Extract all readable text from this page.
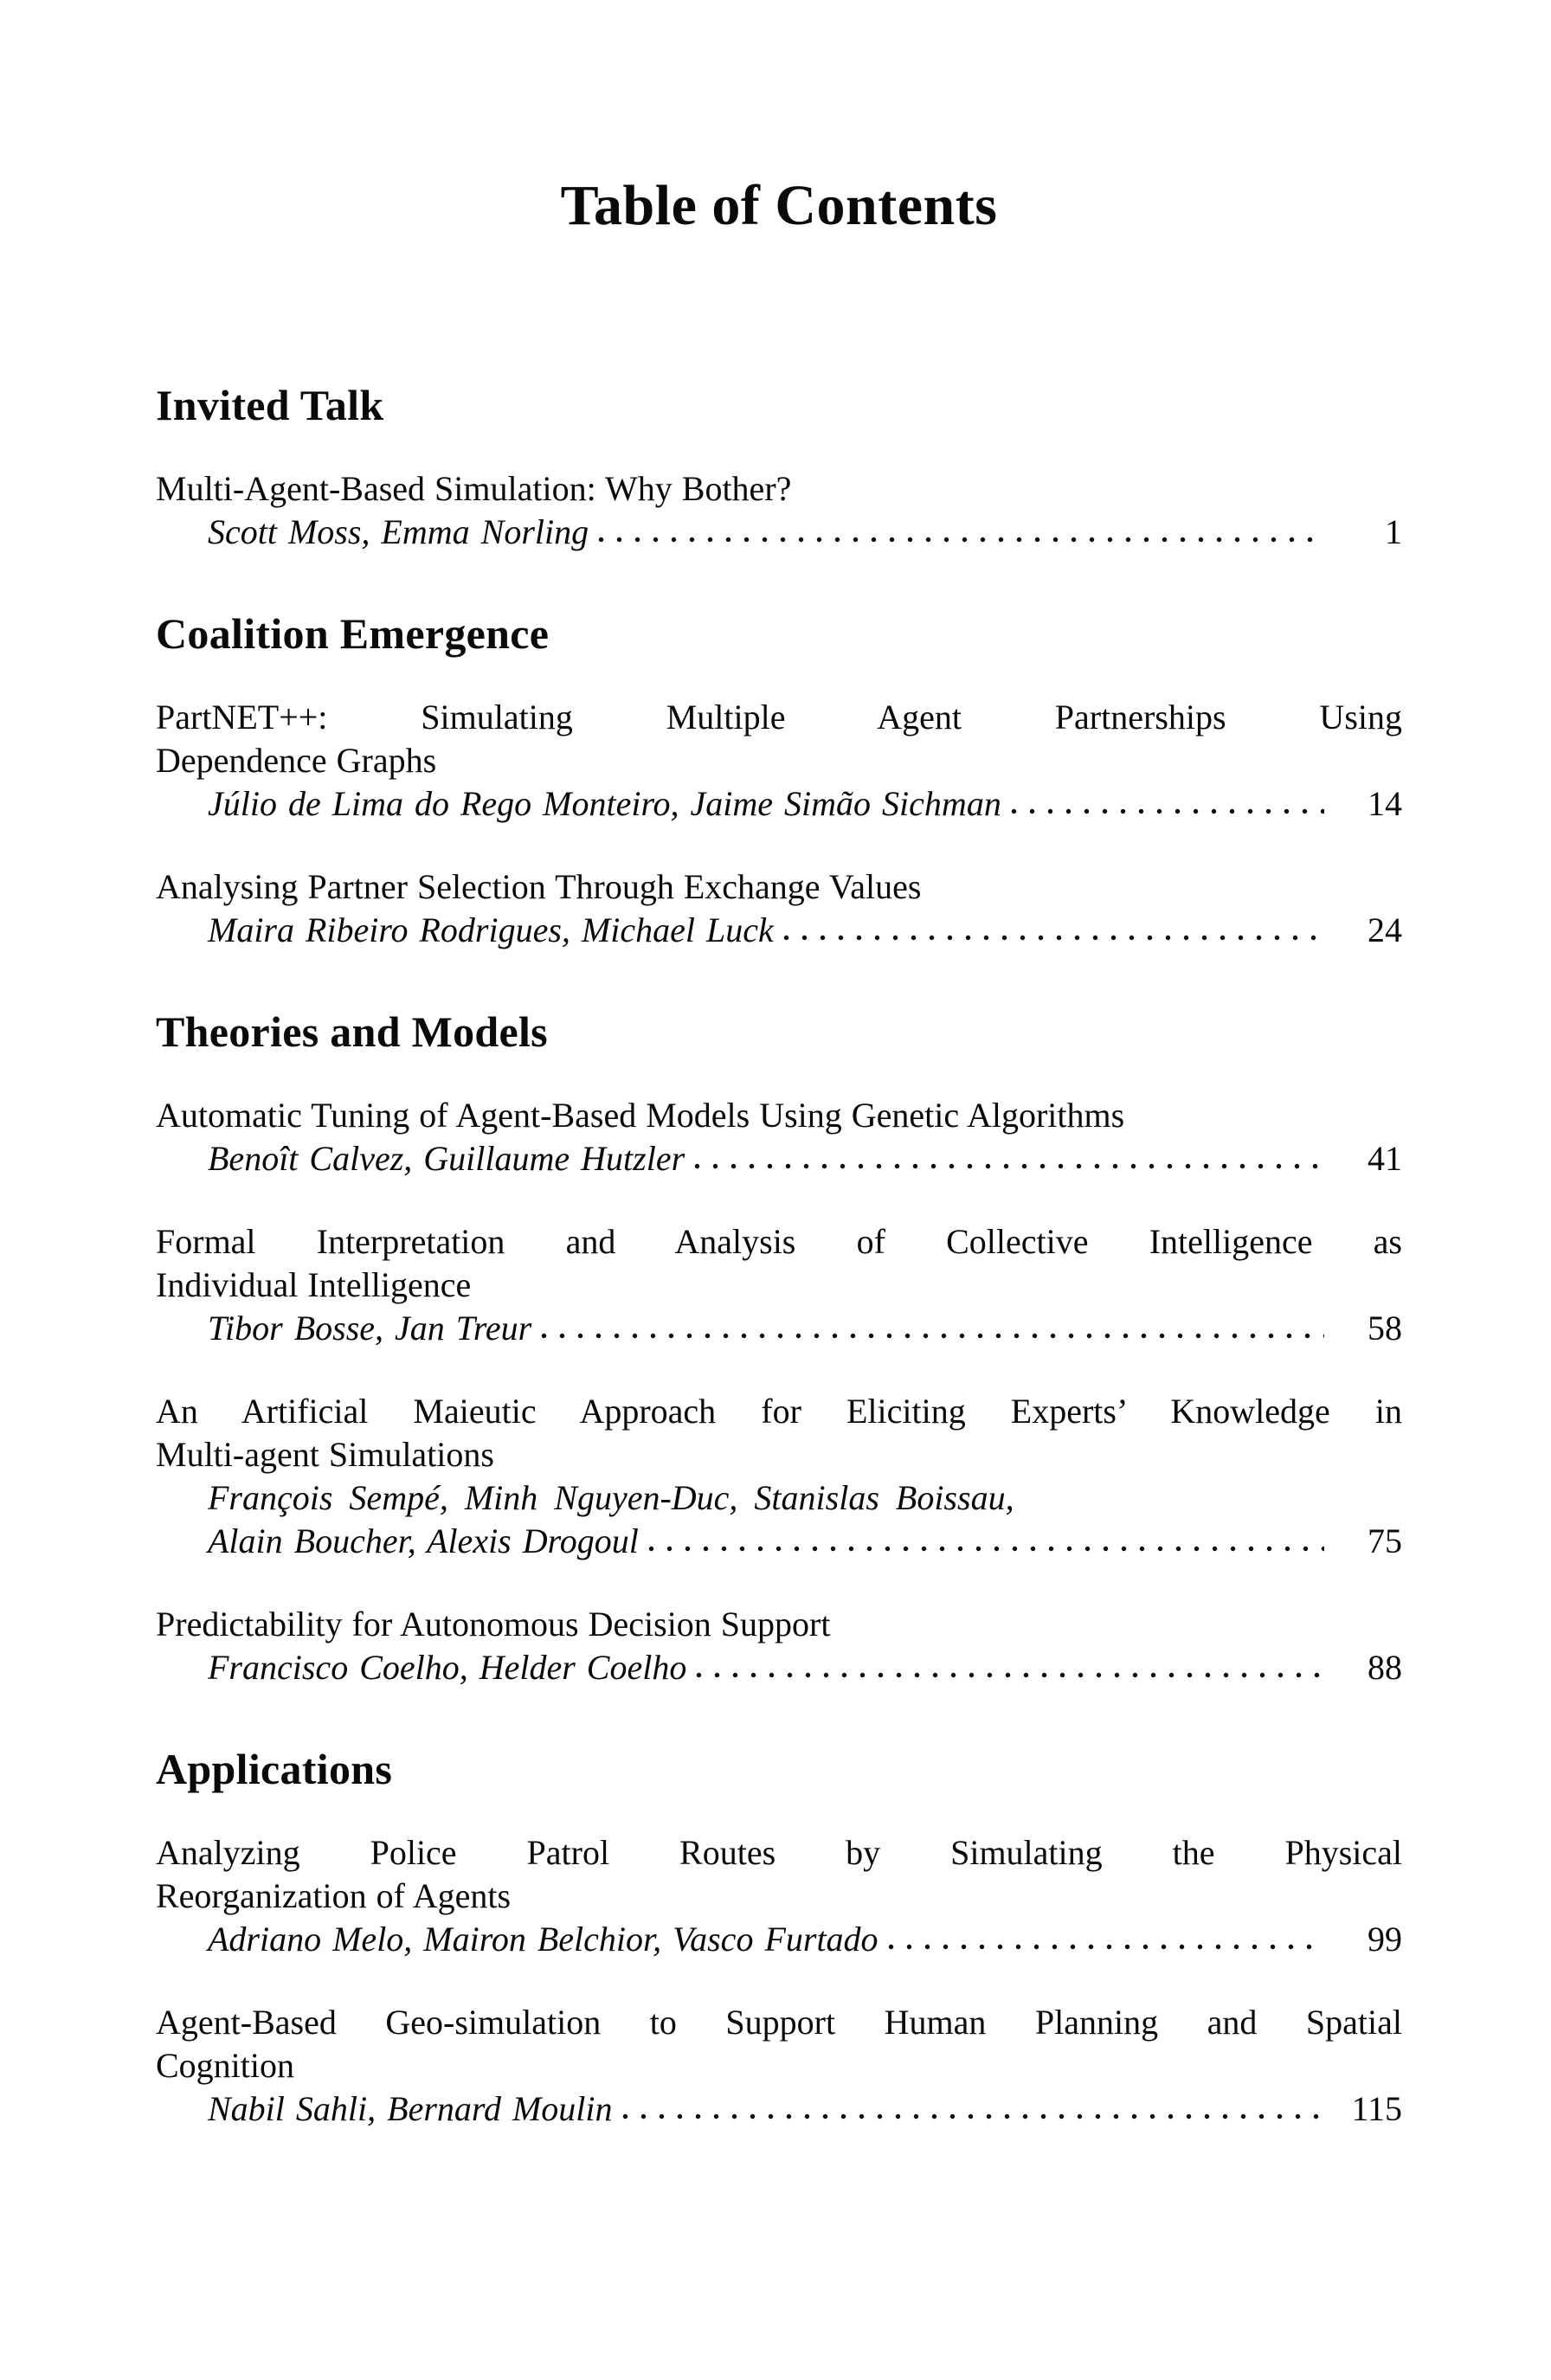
Table of Contents
Invited Talk
Multi-Agent-Based Simulation: Why Bother?
Scott Moss, Emma Norling	1
Coalition Emergence
PartNET++: Simulating Multiple Agent Partnerships Using
Dependence Graphs
Júlio de Lima do Rego Monteiro, Jaime Simão Sichman	14
Analysing Partner Selection Through Exchange Values
Maira Ribeiro Rodrigues, Michael Luck	24
Theories and Models
Automatic Tuning of Agent-Based Models Using Genetic Algorithms
Benoît Calvez, Guillaume Hutzler	41
Formal Interpretation and Analysis of Collective Intelligence as
Individual Intelligence
Tibor Bosse, Jan Treur	58
An Artificial Maieutic Approach for Eliciting Experts’ Knowledge in
Multi-agent Simulations
François Sempé, Minh Nguyen-Duc, Stanislas Boissau,
Alain Boucher, Alexis Drogoul	75
Predictability for Autonomous Decision Support
Francisco Coelho, Helder Coelho	88
Applications
Analyzing Police Patrol Routes by Simulating the Physical
Reorganization of Agents
Adriano Melo, Mairon Belchior, Vasco Furtado	99
Agent-Based Geo-simulation to Support Human Planning and Spatial
Cognition
Nabil Sahli, Bernard Moulin	115
